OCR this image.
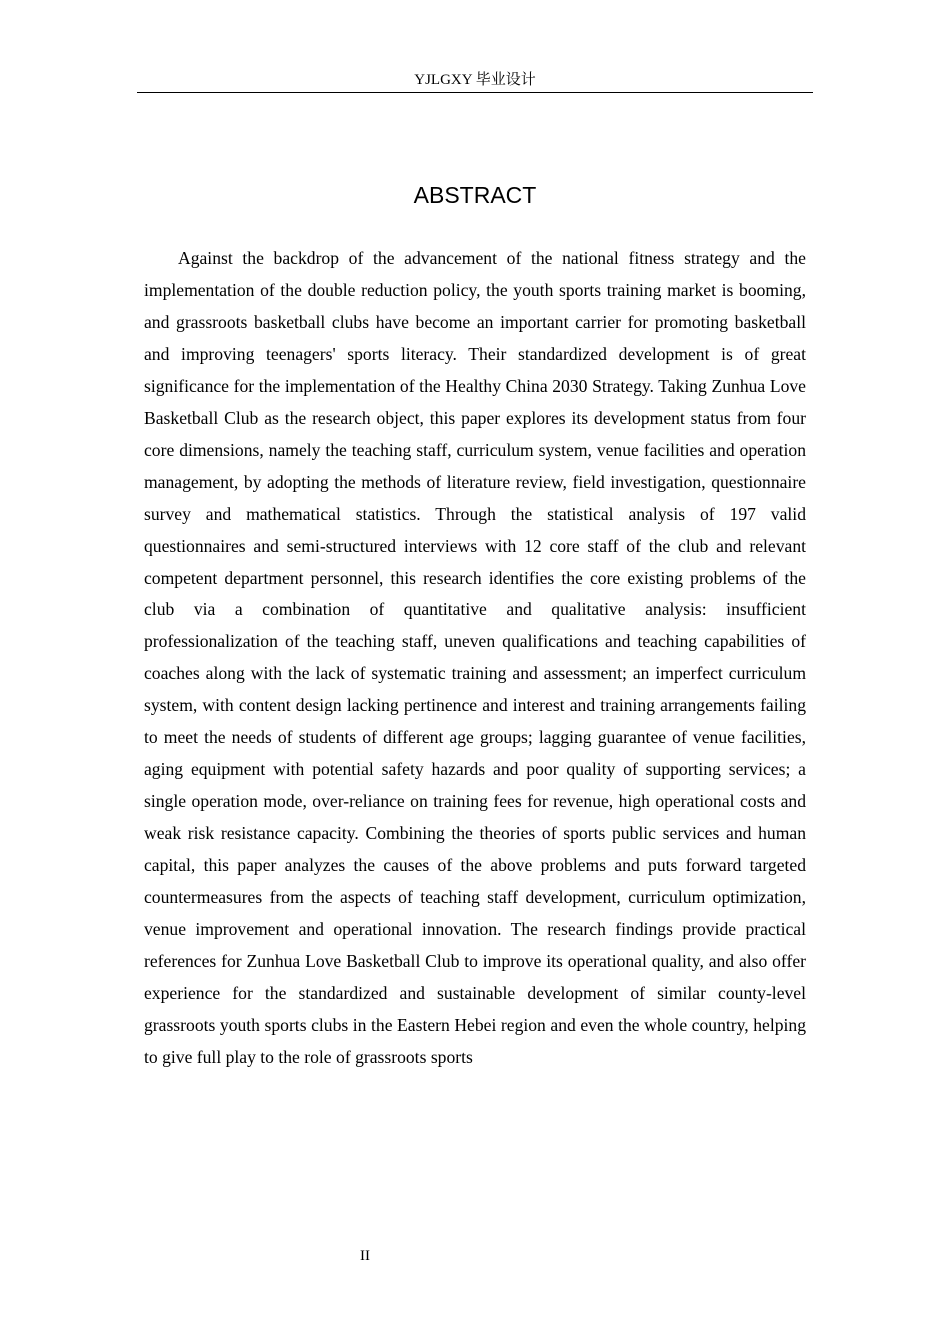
YJLGXY 毕业设计
ABSTRACT

Against the backdrop of the advancement of the national fitness strategy and the implementation of the double reduction policy, the youth sports training market is booming, and grassroots basketball clubs have become an important carrier for promoting basketball and improving teenagers' sports literacy. Their standardized development is of great significance for the implementation of the Healthy China 2030 Strategy. Taking Zunhua Love Basketball Club as the research object, this paper explores its development status from four core dimensions, namely the teaching staff, curriculum system, venue facilities and operation management, by adopting the methods of literature review, field investigation, questionnaire survey and mathematical statistics. Through the statistical analysis of 197 valid questionnaires and semi-structured interviews with 12 core staff of the club and relevant competent department personnel, this research identifies the core existing problems of the club via a combination of quantitative and qualitative analysis: insufficient professionalization of the teaching staff, uneven qualifications and teaching capabilities of coaches along with the lack of systematic training and assessment; an imperfect curriculum system, with content design lacking pertinence and interest and training arrangements failing to meet the needs of students of different age groups; lagging guarantee of venue facilities, aging equipment with potential safety hazards and poor quality of supporting services; a single operation mode, over-reliance on training fees for revenue, high operational costs and weak risk resistance capacity. Combining the theories of sports public services and human capital, this paper analyzes the causes of the above problems and puts forward targeted countermeasures from the aspects of teaching staff development, curriculum optimization, venue improvement and operational innovation. The research findings provide practical references for Zunhua Love Basketball Club to improve its operational quality, and also offer experience for the standardized and sustainable development of similar county-level grassroots youth sports clubs in the Eastern Hebei region and even the whole country, helping to give full play to the role of grassroots sports

II
